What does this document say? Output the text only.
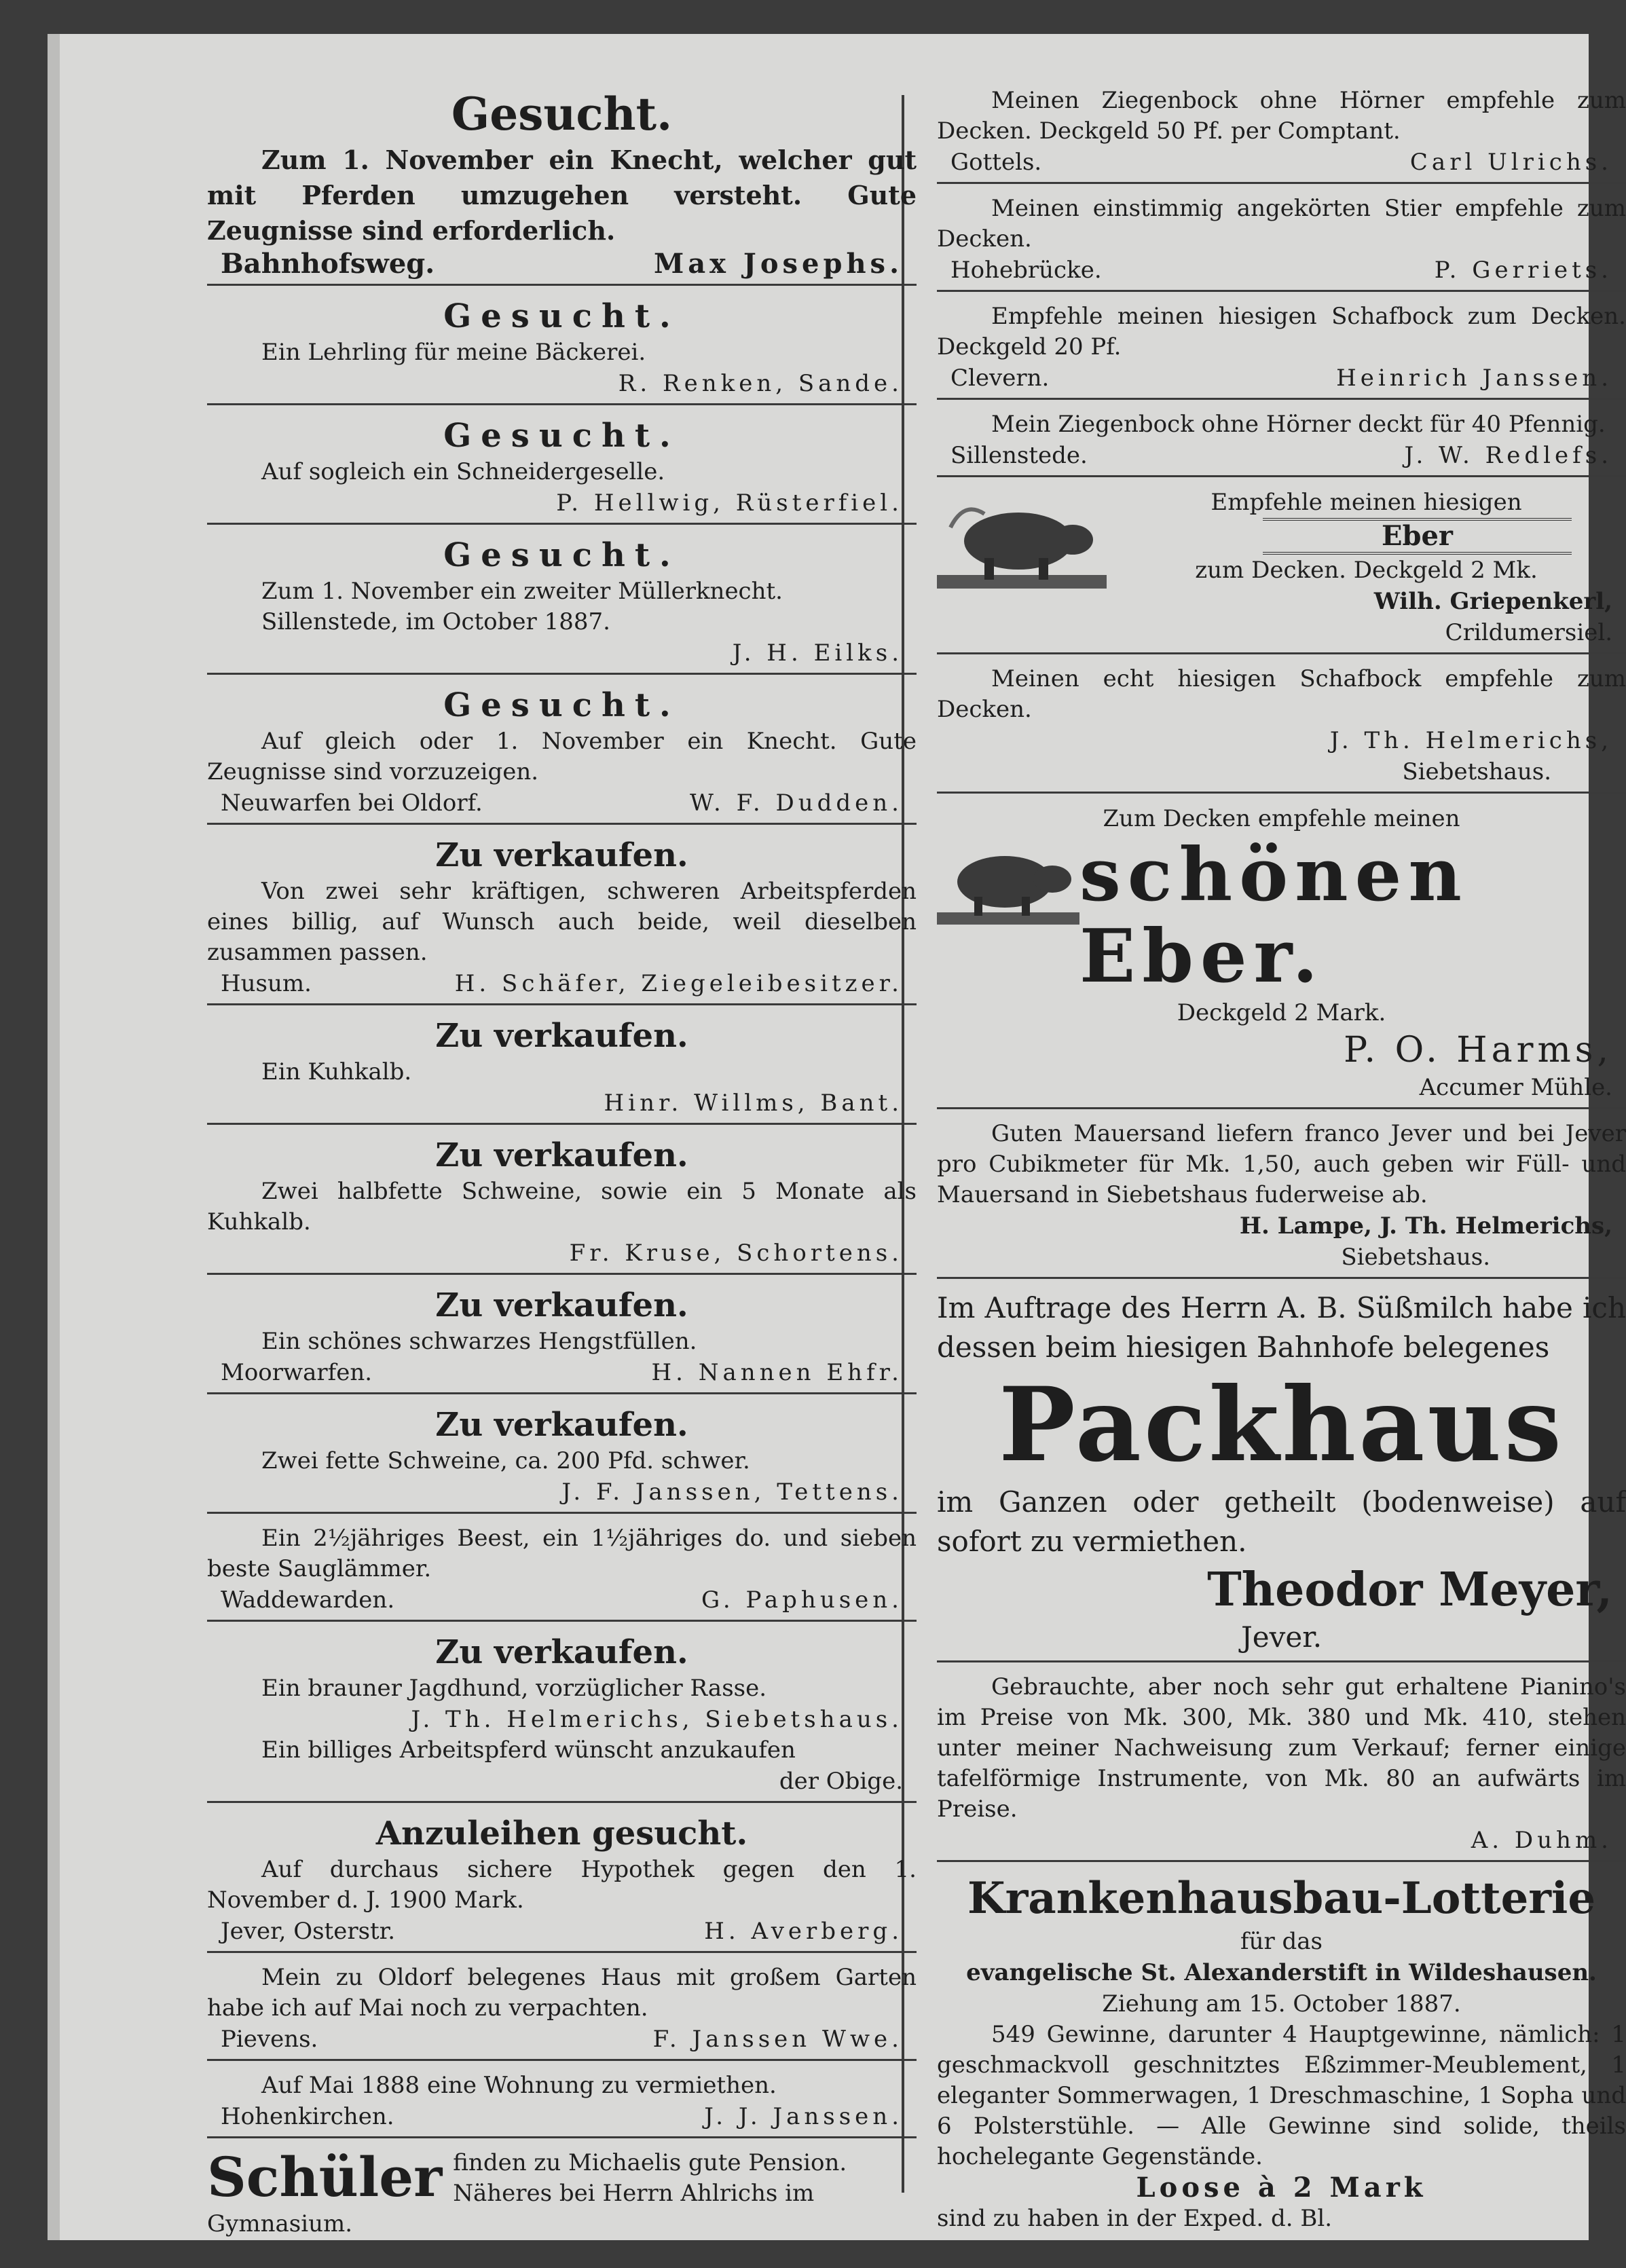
Gesucht.
Zum 1. November ein Knecht, welcher gut mit Pferden umzugehen versteht. Gute Zeugnisse sind erforderlich.
Bahnhofsweg.	Max Josephs.
Gesucht.
Ein Lehrling für meine Bäckerei.
R. Renken, Sande.
Gesucht.
Auf sogleich ein Schneidergeselle.
P. Hellwig, Rüsterfiel.
Gesucht.
Zum 1. November ein zweiter Müllerknecht.
Sillenstede, im October 1887.
J. H. Eilks.
Gesucht.
Auf gleich oder 1. November ein Knecht. Gute Zeugnisse sind vorzuzeigen.
Neuwarfen bei Oldorf.	W. F. Dudden.
Zu verkaufen.
Von zwei sehr kräftigen, schweren Arbeitspferden eines billig, auf Wunsch auch beide, weil dieselben zusammen passen.
Husum.	H. Schäfer, Ziegeleibesitzer.
Zu verkaufen.
Ein Kuhkalb.
Hinr. Willms, Bant.
Zu verkaufen.
Zwei halbfette Schweine, sowie ein 5 Monate als Kuhkalb.
Fr. Kruse, Schortens.
Zu verkaufen.
Ein schönes schwarzes Hengstfüllen.
Moorwarfen.	H. Nannen Ehfr.
Zu verkaufen.
Zwei fette Schweine, ca. 200 Pfd. schwer.
J. F. Janssen, Tettens.
Ein 2½jähriges Beest, ein 1½jähriges do. und sieben beste Sauglämmer.
Waddewarden.	G. Paphusen.
Zu verkaufen.
Ein brauner Jagdhund, vorzüglicher Rasse.
J. Th. Helmerichs, Siebetshaus.
Ein billiges Arbeitspferd wünscht anzukaufen
der Obige.
Anzuleihen gesucht.
Auf durchaus sichere Hypothek gegen den 1. November d. J. 1900 Mark.
Jever, Osterstr.	H. Averberg.
Mein zu Oldorf belegenes Haus mit großem Garten habe ich auf Mai noch zu verpachten.
Pievens.	F. Janssen Wwe.
Auf Mai 1888 eine Wohnung zu vermiethen.
Hohenkirchen.	J. J. Janssen.
Schüler finden zu Michaelis gute Pension. Näheres bei Herrn Ahlrichs im Gymnasium.
Meinen Ziegenbock ohne Hörner empfehle zum Decken. Deckgeld 50 Pf. per Comptant.
Gottels.	Carl Ulrichs.
Meinen einstimmig angekörten Stier empfehle zum Decken.
Hohebrücke.	P. Gerriets.
Empfehle meinen hiesigen Schafbock zum Decken. Deckgeld 20 Pf.
Clevern.	Heinrich Janssen.
Mein Ziegenbock ohne Hörner deckt für 40 Pfennig.
Sillenstede.	J. W. Redlefs.
Empfehle meinen hiesigen
Eber
zum Decken. Deckgeld 2 Mk.
Wilh. Griepenkerl,
Crildumersiel.
Meinen echt hiesigen Schafbock empfehle zum Decken.
J. Th. Helmerichs,
Siebetshaus.
Zum Decken empfehle meinen
schönen Eber.
Deckgeld 2 Mark.
P. O. Harms,
Accumer Mühle.
Guten Mauersand liefern franco Jever und bei Jever pro Cubikmeter für Mk. 1,50, auch geben wir Füll- und Mauersand in Siebetshaus fuderweise ab.
H. Lampe, J. Th. Helmerichs,
Siebetshaus.
Im Auftrage des Herrn A. B. Süßmilch habe ich dessen beim hiesigen Bahnhofe belegenes
Packhaus
im Ganzen oder getheilt (bodenweise) auf sofort zu vermiethen.
Theodor Meyer,
Jever.
Gebrauchte, aber noch sehr gut erhaltene Pianino's im Preise von Mk. 300, Mk. 380 und Mk. 410, stehen unter meiner Nachweisung zum Verkauf; ferner einige tafelförmige Instrumente, von Mk. 80 an aufwärts im Preise.
A. Duhm.
Krankenhausbau-Lotterie
für das
evangelische St. Alexanderstift in Wildeshausen.
Ziehung am 15. October 1887.
549 Gewinne, darunter 4 Hauptgewinne, nämlich: 1 geschmackvoll geschnitztes Eßzimmer-Meublement, 1 eleganter Sommerwagen, 1 Dreschmaschine, 1 Sopha und 6 Polsterstühle. — Alle Gewinne sind solide, theils hochelegante Gegenstände.
Loose à 2 Mark
sind zu haben in der Exped. d. Bl.
